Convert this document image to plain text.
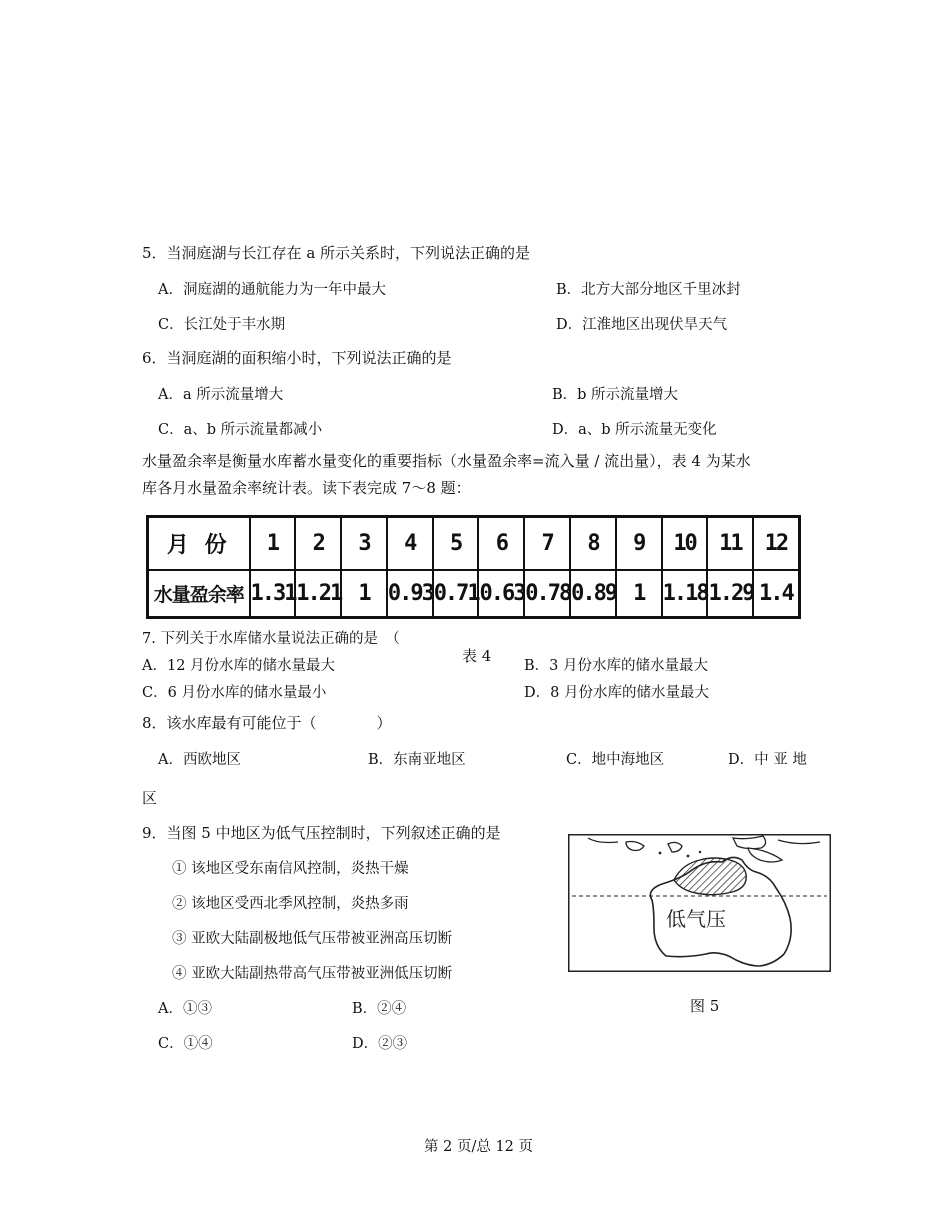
5．当洞庭湖与长江存在 a 所示关系时，下列说法正确的是
A．洞庭湖的通航能力为一年中最大	B．北方大部分地区千里冰封
C．长江处于丰水期	D．江淮地区出现伏旱天气
6．当洞庭湖的面积缩小时，下列说法正确的是
A．a 所示流量增大	B．b 所示流量增大
C．a、b 所示流量都减小	D．a、b 所示流量无变化
水量盈余率是衡量水库蓄水量变化的重要指标（水量盈余率=流入量 / 流出量），表 4 为某水
库各月水量盈余率统计表。读下表完成 7～8 题：
月 份	1	2	3	4	5	6	7	8	9	10	11	12
水量盈余率	1.31	1.21	1	0.93	0.71	0.63	0.78	0.89	1	1.18	1.29	1.4
表 4
7. 下列关于水库储水量说法正确的是　（
A．12 月份水库的储水量最大	B．3 月份水库的储水量最大
C．6 月份水库的储水量最小	D．8 月份水库的储水量最大
8．该水库最有可能位于（　　　　）
A．西欧地区	B．东南亚地区	C．地中海地区	D．中 亚 地
区
9．当图 5 中地区为低气压控制时，下列叙述正确的是
① 该地区受东南信风控制，炎热干燥
② 该地区受西北季风控制，炎热多雨
③ 亚欧大陆副极地低气压带被亚洲高压切断
④ 亚欧大陆副热带高气压带被亚洲低压切断
A．①③	B．②④
C．①④	D．②③
低气压
图 5
第 2 页/总 12 页
